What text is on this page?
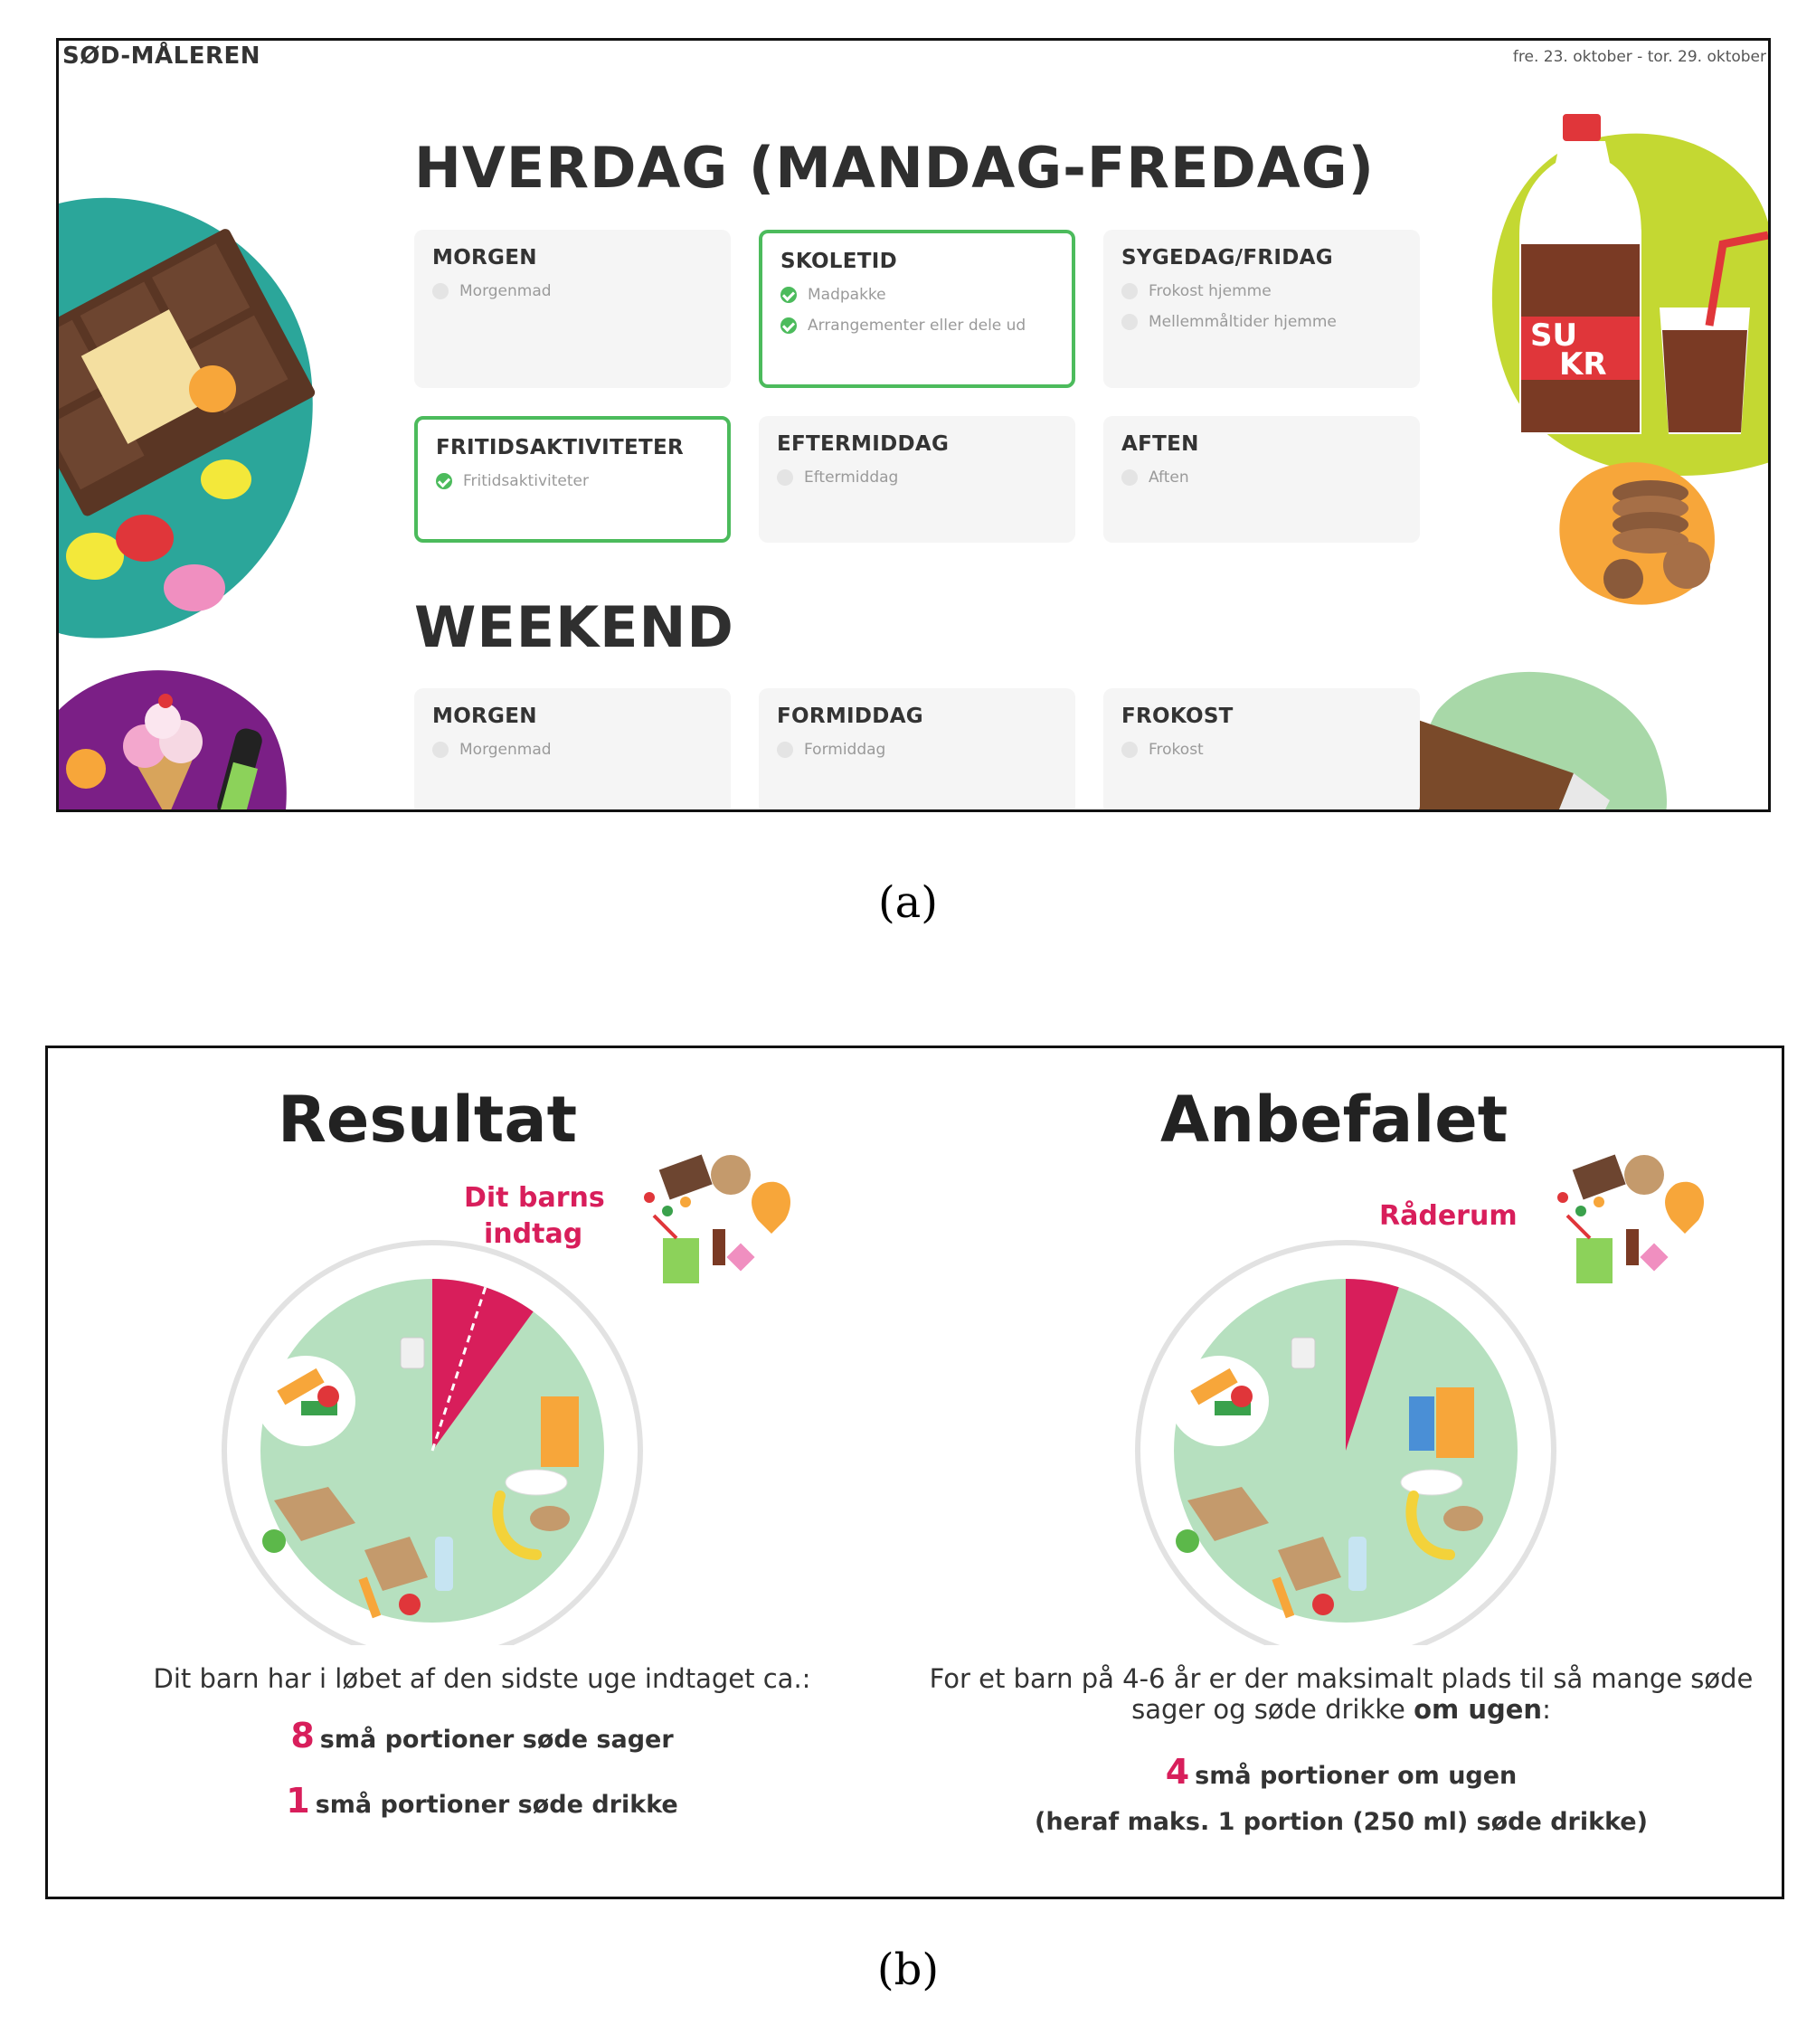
SØD-MÅLEREN	fre. 23. oktober - tor. 29. oktober
HVERDAG (MANDAG-FREDAG)
MORGEN
Morgenmad
SKOLETID
Madpakke
Arrangementer eller dele ud
SYGEDAG/FRIDAG
Frokost hjemme
Mellemmåltider hjemme
FRITIDSAKTIVITETER
Fritidsaktiviteter
EFTERMIDDAG
Eftermiddag
AFTEN
Aften
WEEKEND
MORGEN
Morgenmad
FORMIDDAG
Formiddag
FROKOST
Frokost
SU
KR
(a)
Resultat
Dit barns
indtag
Dit barn har i løbet af den sidste uge indtaget ca.:
8 små portioner søde sager
1 små portioner søde drikke
Anbefalet
Råderum
For et barn på 4-6 år er der maksimalt plads til så mange søde
sager og søde drikke om ugen:
4 små portioner om ugen
(heraf maks. 1 portion (250 ml) søde drikke)
(b)
